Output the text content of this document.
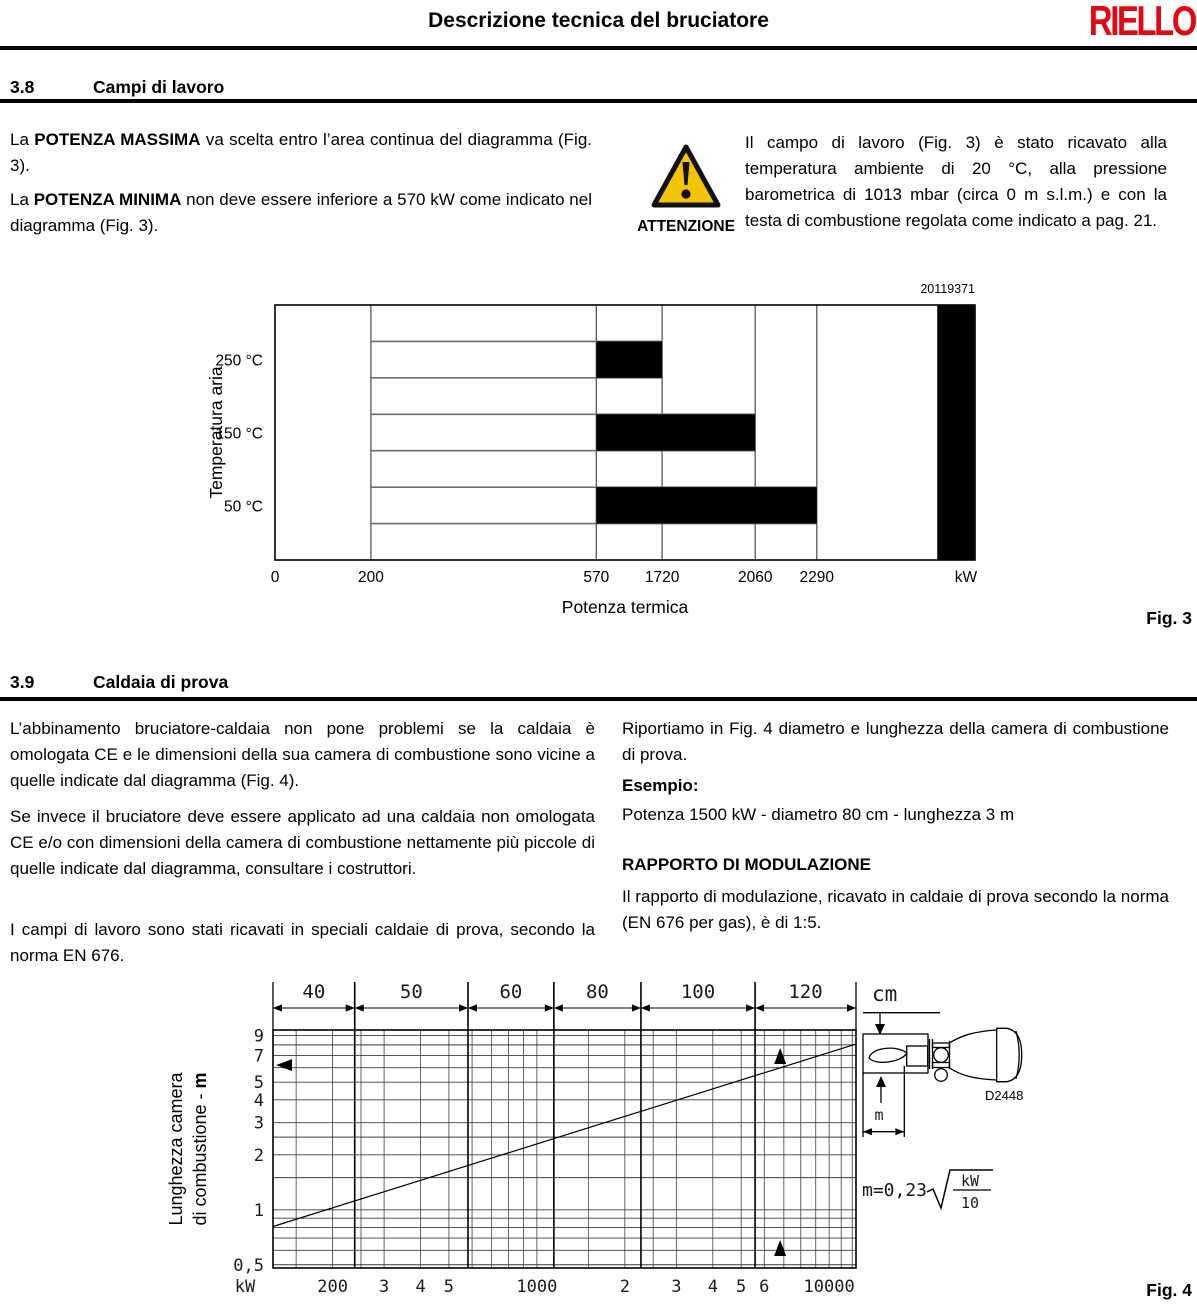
Descrizione tecnica del bruciatore	RIELLO
3.8	Campi di lavoro
La POTENZA MASSIMA va scelta entro l’area continua del diagramma (Fig. 3).
La POTENZA MINIMA non deve essere inferiore a 570 kW come indicato nel diagramma (Fig. 3).	ATTENZIONE
Il campo di lavoro (Fig. 3) è stato ricavato alla temperatura ambiente di 20 °C, alla pressione barometrica di 1013 mbar (circa 0 m s.l.m.) e con la testa di combustione regolata come indicato a pag. 21.
250 °C
150 °C
50 °C
0	200	570 1720	2060 2290	kW
Potenza termica
Temperatura aria
20119371
Fig. 3
3.9	Caldaia di prova
L’abbinamento bruciatore-caldaia non pone problemi se la caldaia è omologata CE e le dimensioni della sua camera di combustione sono vicine a quelle indicate dal diagramma (Fig. 4).
Se invece il bruciatore deve essere applicato ad una caldaia non omologata CE e/o con dimensioni della camera di combustione nettamente più piccole di quelle indicate dal diagramma, consultare i costruttori.
I campi di lavoro sono stati ricavati in speciali caldaie di prova, secondo la norma EN 676.
Riportiamo in Fig. 4 diametro e lunghezza della camera di combustione di prova.
Esempio:
Potenza 1500 kW - diametro 80 cm - lunghezza 3 m
RAPPORTO DI MODULAZIONE
Il rapporto di modulazione, ricavato in caldaie di prova secondo la norma (EN 676 per gas), è di 1:5.
40	50	60	80	100	120 cm
200 3 4 5	1000	2 3 4 5 6 10000
kW
9
7
5
4
3
2
1
0,5
Lunghezza camera di combustione - m
D2448
m
m=0,23 kW
10
Fig. 4
